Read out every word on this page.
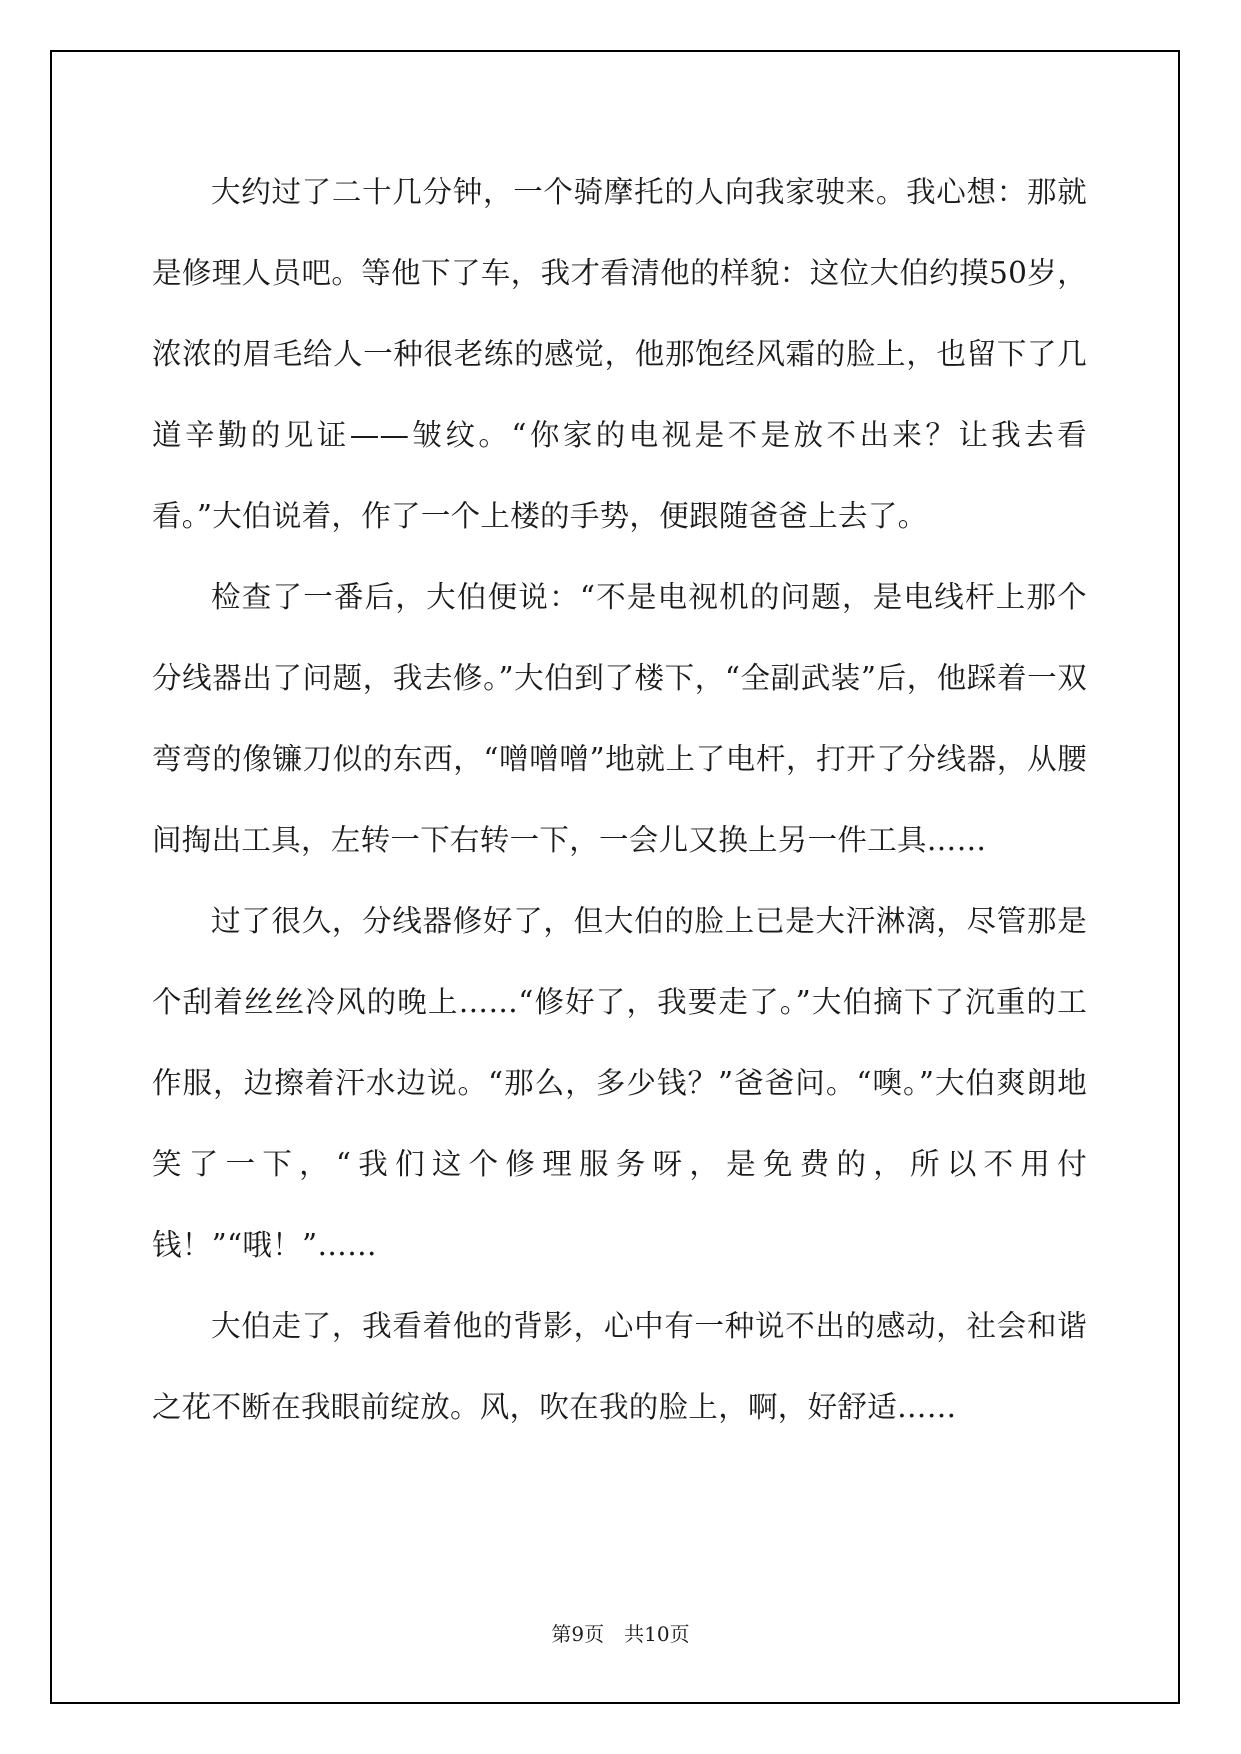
大约过了二十几分钟，一个骑摩托的人向我家驶来。我心想：那就是修理人员吧。等他下了车，我才看清他的样貌：这位大伯约摸50岁，浓浓的眉毛给人一种很老练的感觉，他那饱经风霜的脸上，也留下了几道辛勤的见证——皱纹。“你家的电视是不是放不出来？让我去看看。”大伯说着，作了一个上楼的手势，便跟随爸爸上去了。

检查了一番后，大伯便说：“不是电视机的问题，是电线杆上那个分线器出了问题，我去修。”大伯到了楼下，“全副武装”后，他踩着一双弯弯的像镰刀似的东西，“噌噌噌”地就上了电杆，打开了分线器，从腰间掏出工具，左转一下右转一下，一会儿又换上另一件工具……

过了很久，分线器修好了，但大伯的脸上已是大汗淋漓，尽管那是个刮着丝丝冷风的晚上……“修好了，我要走了。”大伯摘下了沉重的工作服，边擦着汗水边说。“那么，多少钱？”爸爸问。“噢。”大伯爽朗地笑了一下，“我们这个修理服务呀，是免费的，所以不用付钱！”“哦！”……

大伯走了，我看着他的背影，心中有一种说不出的感动，社会和谐之花不断在我眼前绽放。风，吹在我的脸上，啊，好舒适……

第9页　共10页
